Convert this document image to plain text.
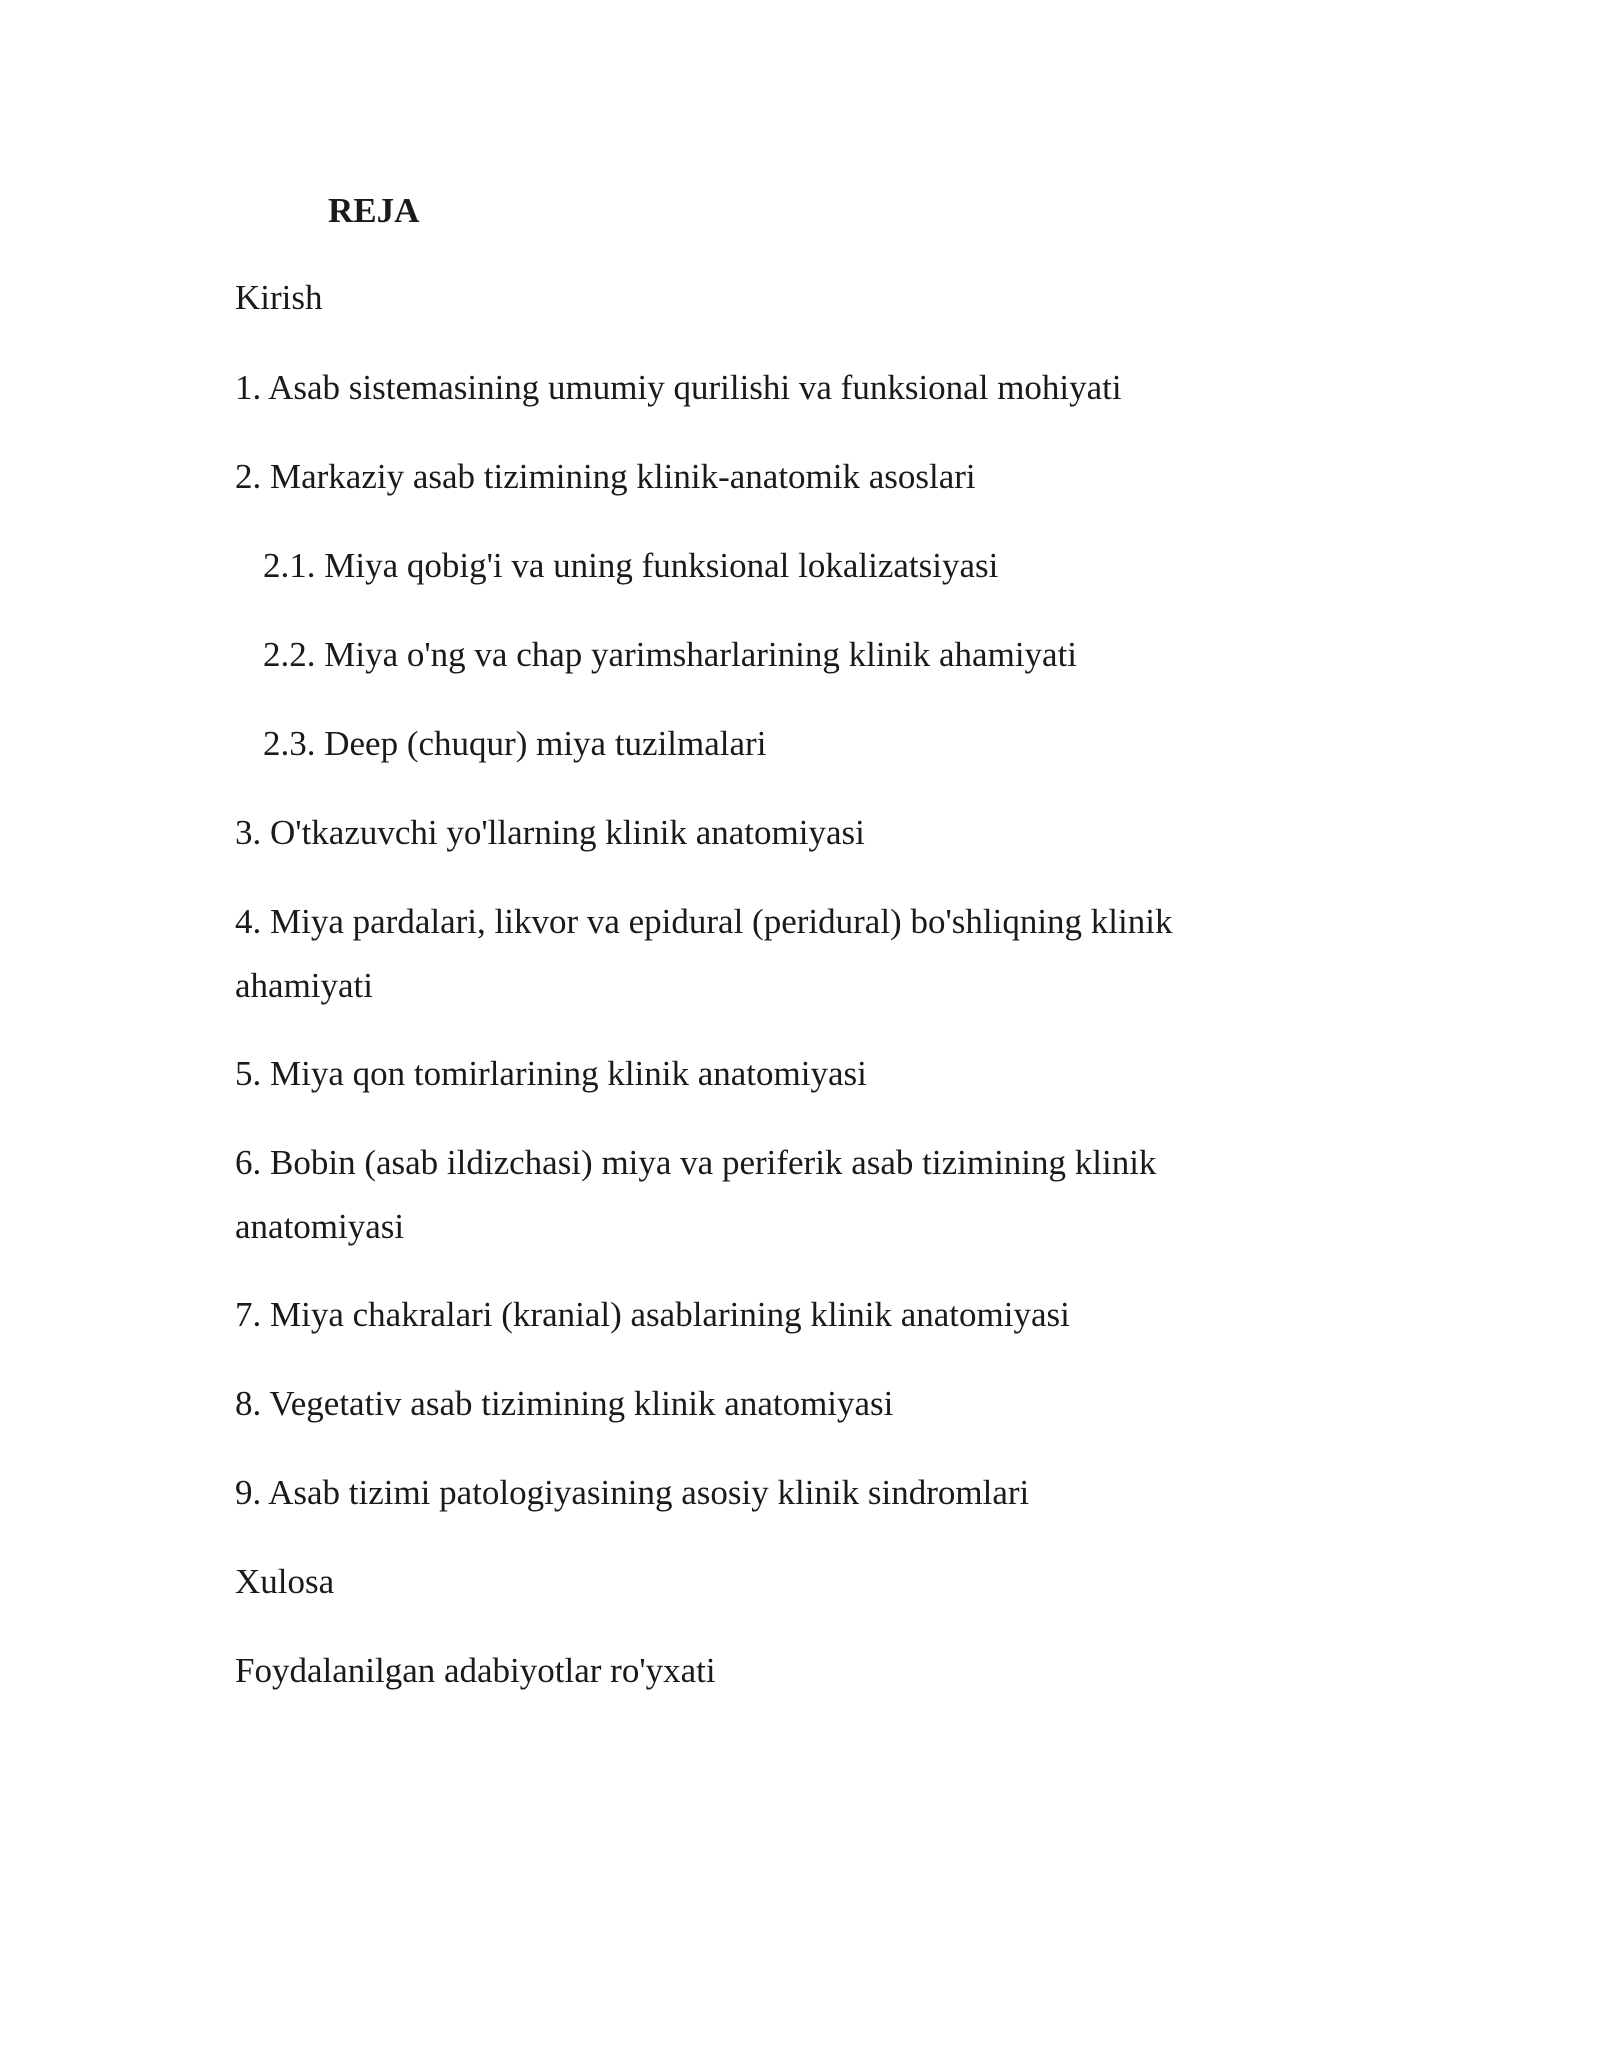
REJA
Kirish
1. Asab sistemasining umumiy qurilishi va funksional mohiyati
2. Markaziy asab tizimining klinik-anatomik asoslari
2.1. Miya qobig'i va uning funksional lokalizatsiyasi
2.2. Miya o'ng va chap yarimsharlarining klinik ahamiyati
2.3. Deep (chuqur) miya tuzilmalari
3. O'tkazuvchi yo'llarning klinik anatomiyasi
4. Miya pardalari, likvor va epidural (peridural) bo'shliqning klinik ahamiyati
5. Miya qon tomirlarining klinik anatomiyasi
6. Bobin (asab ildizchasi) miya va periferik asab tizimining klinik anatomiyasi
7. Miya chakralari (kranial) asablarining klinik anatomiyasi
8. Vegetativ asab tizimining klinik anatomiyasi
9. Asab tizimi patologiyasining asosiy klinik sindromlari
Xulosa
Foydalanilgan adabiyotlar ro'yxati
